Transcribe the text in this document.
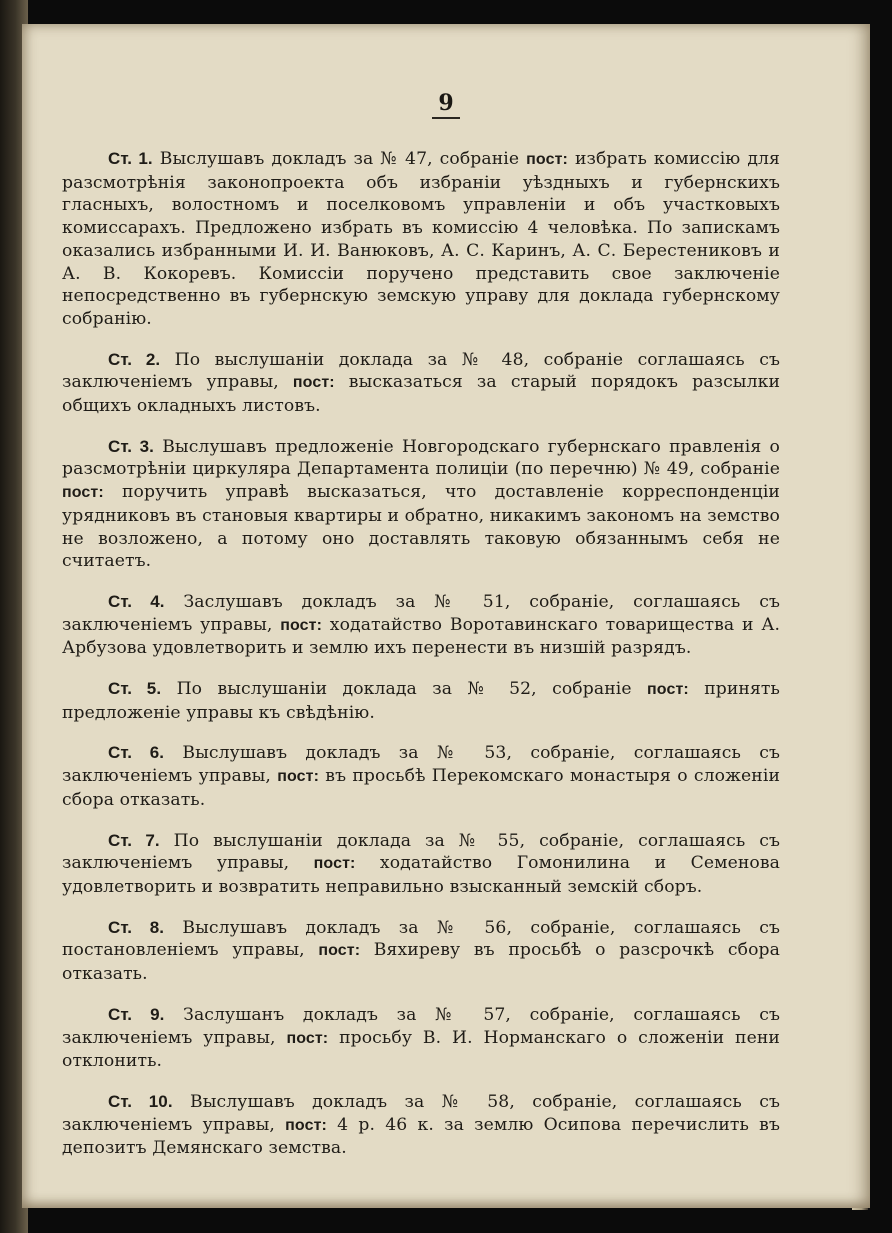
9

Ст. 1. Выслушавъ докладъ за № 47, собраніе пост: избрать комиссію для разсмотрѣнія законопроекта объ избраніи уѣздныхъ и губернскихъ гласныхъ, волостномъ и поселковомъ управленіи и объ участковыхъ комиссарахъ. Предложено избрать въ комиссію 4 человѣка. По запискамъ оказались избранными И. И. Ванюковъ, А. С. Каринъ, А. С. Берестениковъ и А. В. Кокоревъ. Комиссіи поручено представить свое заключеніе непосредственно въ губернскую земскую управу для доклада губернскому собранію.

Ст. 2. По выслушаніи доклада за № 48, собраніе соглашаясь съ заключеніемъ управы, пост: высказаться за старый порядокъ разсылки общихъ окладныхъ листовъ.

Ст. 3. Выслушавъ предложеніе Новгородскаго губернскаго правленія о разсмотрѣніи циркуляра Департамента полиціи (по перечню) № 49, собраніе пост: поручить управѣ высказаться, что доставленіе корреспонденціи урядниковъ въ становыя квартиры и обратно, никакимъ закономъ на земство не возложено, а потому оно доставлять таковую обязаннымъ себя не считаетъ.

Ст. 4. Заслушавъ докладъ за № 51, собраніе, соглашаясь съ заключеніемъ управы, пост: ходатайство Воротавинскаго товарищества и А. Арбузова удовлетворить и землю ихъ перенести въ низшій разрядъ.

Ст. 5. По выслушаніи доклада за № 52, собраніе пост: принять предложеніе управы къ свѣдѣнію.

Ст. 6. Выслушавъ докладъ за № 53, собраніе, соглашаясь съ заключеніемъ управы, пост: въ просьбѣ Перекомскаго монастыря о сложеніи сбора отказать.

Ст. 7. По выслушаніи доклада за № 55, собраніе, соглашаясь съ заключеніемъ управы, пост: ходатайство Гомонилина и Семенова удовлетворить и возвратить неправильно взысканный земскій сборъ.

Ст. 8. Выслушавъ докладъ за № 56, собраніе, соглашаясь съ постановленіемъ управы, пост: Вяхиреву въ просьбѣ о разсрочкѣ сбора отказать.

Ст. 9. Заслушанъ докладъ за № 57, собраніе, соглашаясь съ заключеніемъ управы, пост: просьбу В. И. Норманскаго о сложеніи пени отклонить.

Ст. 10. Выслушавъ докладъ за № 58, собраніе, соглашаясь съ заключеніемъ управы, пост: 4 р. 46 к. за землю Осипова перечислить въ депозитъ Демянскаго земства.
